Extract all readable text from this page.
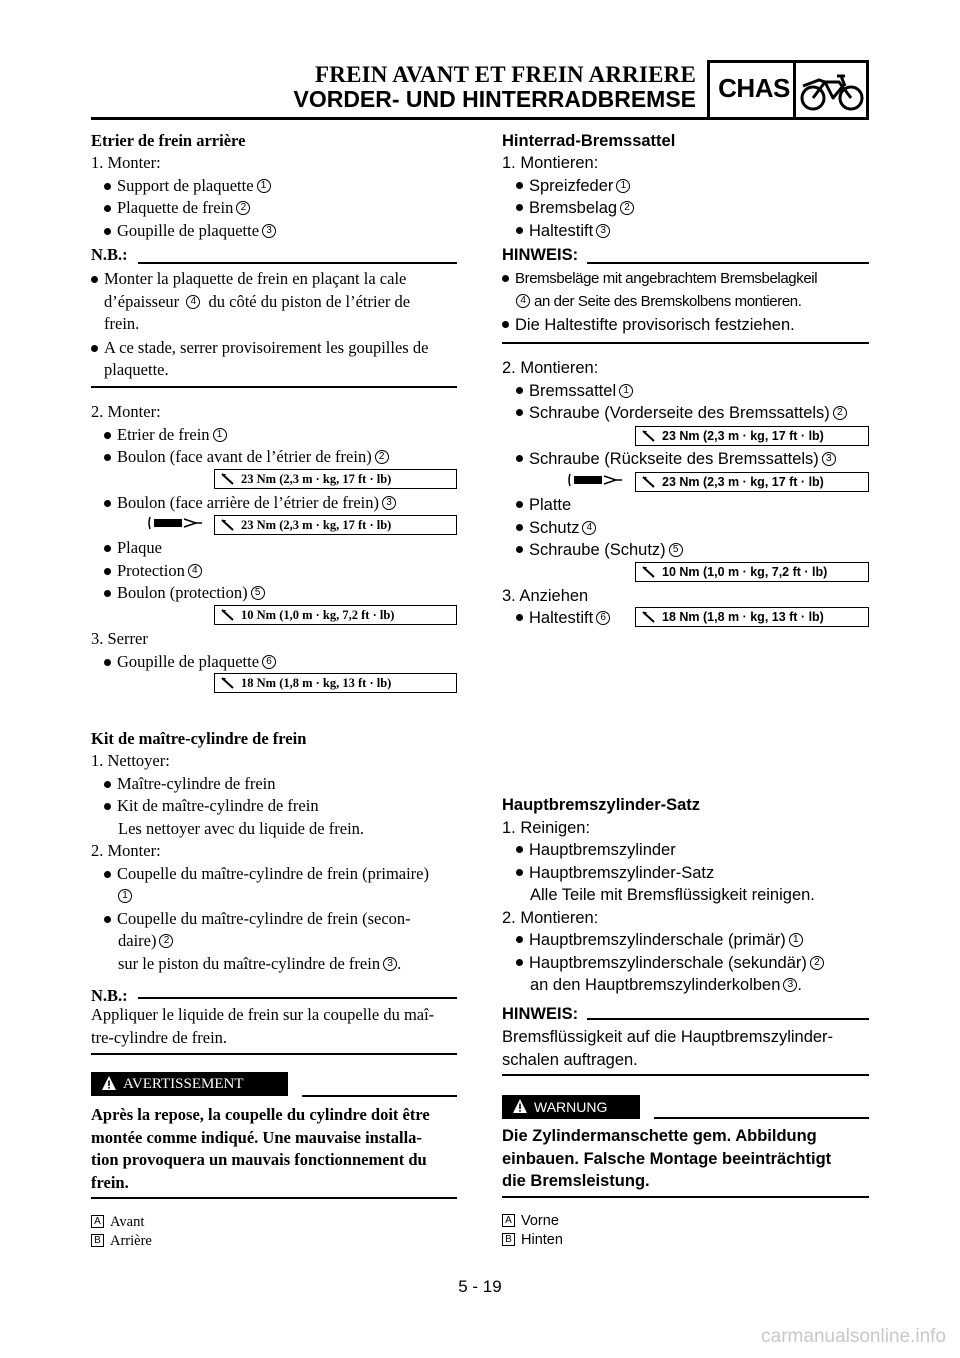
FREIN AVANT ET FREIN ARRIERE
VORDER- UND HINTERRADBREMSE CHAS
Etrier de frein arrière
1. Monter:
Support de plaquette 1
Plaquette de frein 2
Goupille de plaquette 3
N.B.:
Monter la plaquette de frein en plaçant la cale
d’épaisseur 4 du côté du piston de l’étrier de
frein.
A ce stade, serrer provisoirement les goupilles de
plaquette.
2. Monter:
Etrier de frein 1
Boulon (face avant de l’étrier de frein) 2
23 Nm (2,3 m · kg, 17 ft · lb)
Boulon (face arrière de l’étrier de frein) 3
23 Nm (2,3 m · kg, 17 ft · lb)
Plaque
Protection 4
Boulon (protection) 5
10 Nm (1,0 m · kg, 7,2 ft · lb)
3. Serrer
Goupille de plaquette 6
18 Nm (1,8 m · kg, 13 ft · lb)
Kit de maître-cylindre de frein
1. Nettoyer:
Maître-cylindre de frein
Kit de maître-cylindre de frein
Les nettoyer avec du liquide de frein.
2. Monter:
Coupelle du maître-cylindre de frein (primaire)
1
Coupelle du maître-cylindre de frein (secon-
daire) 2
sur le piston du maître-cylindre de frein 3 .
N.B.:
Appliquer le liquide de frein sur la coupelle du maî-
tre-cylindre de frein.
AVERTISSEMENT
Après la repose, la coupelle du cylindre doit être
montée comme indiqué. Une mauvaise installa-
tion provoquera un mauvais fonctionnement du
frein.
A Avant
B Arrière
Hinterrad-Bremssattel
1. Montieren:
Spreizfeder 1
Bremsbelag 2
Haltestift 3
HINWEIS:
Bremsbeläge mit angebrachtem Bremsbelagkeil
4 an der Seite des Bremskolbens montieren.
Die Haltestifte provisorisch festziehen.
2. Montieren:
Bremssattel 1
Schraube (Vorderseite des Bremssattels) 2
23 Nm (2,3 m · kg, 17 ft · lb)
Schraube (Rückseite des Bremssattels) 3
23 Nm (2,3 m · kg, 17 ft · lb)
Platte
Schutz 4
Schraube (Schutz) 5
10 Nm (1,0 m · kg, 7,2 ft · lb)
3. Anziehen
Haltestift 6	18 Nm (1,8 m · kg, 13 ft · lb)
Hauptbremszylinder-Satz
1. Reinigen:
Hauptbremszylinder
Hauptbremszylinder-Satz
Alle Teile mit Bremsflüssigkeit reinigen.
2. Montieren:
Hauptbremszylinderschale (primär) 1
Hauptbremszylinderschale (sekundär) 2
an den Hauptbremszylinderkolben 3 .
HINWEIS:
Bremsflüssigkeit auf die Hauptbremszylinder-
schalen auftragen.
WARNUNG
Die Zylindermanschette gem. Abbildung
einbauen. Falsche Montage beeinträchtigt
die Bremsleistung.
A Vorne
B Hinten
5 - 19
carmanualsonline.info
